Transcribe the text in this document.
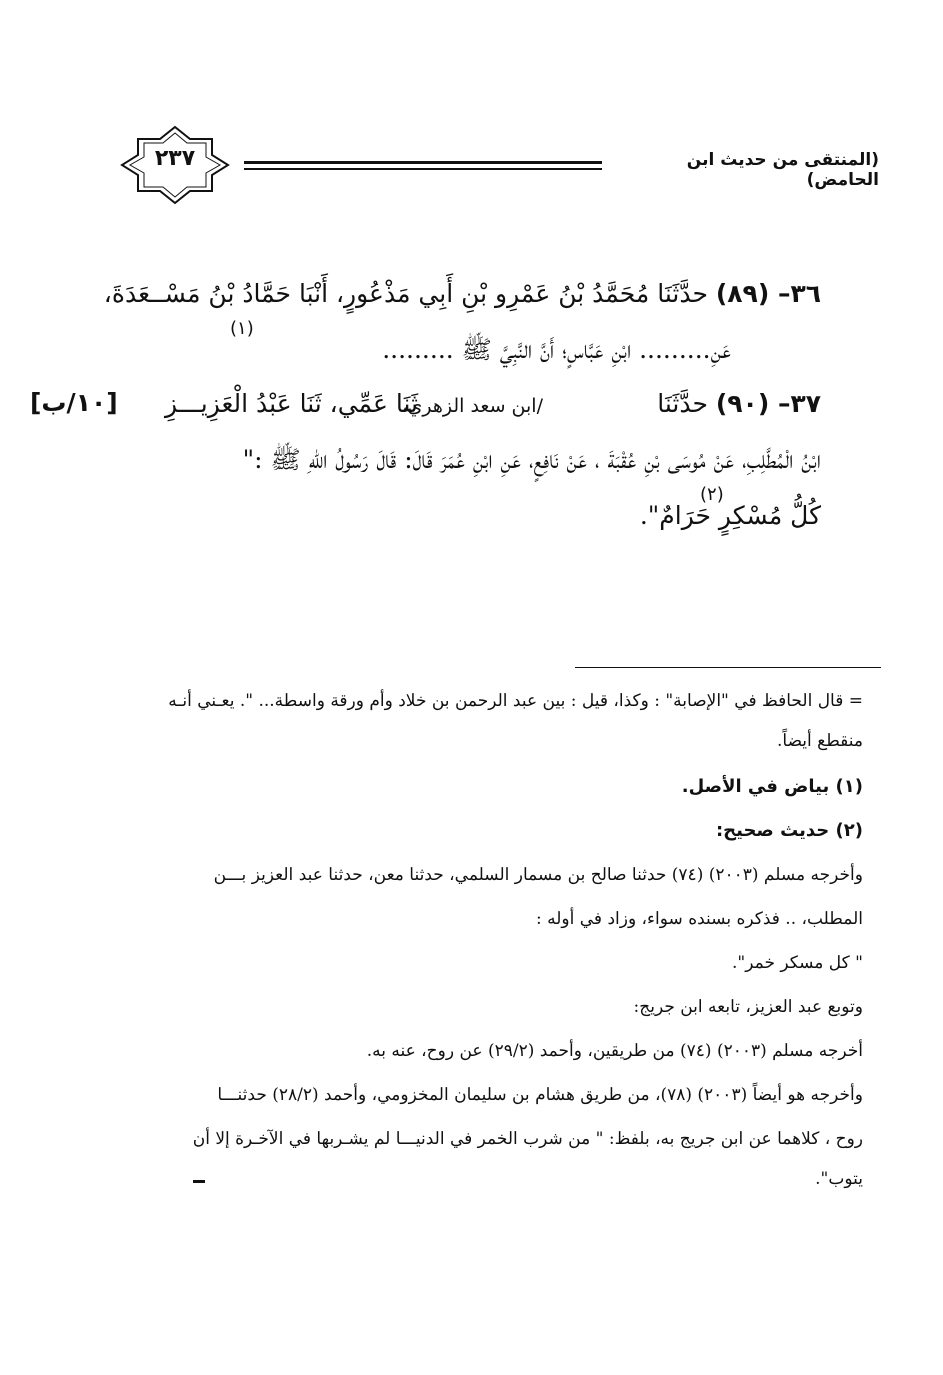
(المنتقى من حديث ابن الحامض)
٢٣٧
٣٦– (٨٩) حدَّثَنَا مُحَمَّدُ بْنُ عَمْرِو بْنِ أَبِي مَذْعُورٍ، أَنْبَا حَمَّادُ بْنُ مَسْــعَدَةَ،
(١)
عَنِ......... ابْنِ عَبَّاسٍ؛ أَنَّ النَّبِيَّ ﷺ .........
٣٧– (٩٠) حدَّثَنَا
/ابن سعد الزهري،
ثَنَا عَمِّي، ثَنَا عَبْدُ الْعَزِيـــزِ
[١٠/ب]
ابْنُ الْمُطَّلِبِ، عَنْ مُوسَى بْنِ عُقْبَةَ ، عَنْ نَافِعٍ، عَنِ ابْنِ عُمَرَ قَالَ: قَالَ رَسُولُ اللهِ ﷺ :"
(٢)
كُلُّ مُسْكِرٍ حَرَامٌ".
= قال الحافظ في "الإصابة" : وكذا، قيل : بين عبد الرحمن بن خلاد وأم ورقة واسطة... ". يعـني أنـه
منقطع أيضاً.
(١) بياض في الأصل.
(٢) حديث صحيح:
وأخرجه مسلم (٢٠٠٣) (٧٤) حدثنا صالح بن مسمار السلمي، حدثنا معن، حدثنا عبد العزيز بـــن
المطلب، .. فذكره بسنده سواء، وزاد في أوله :
" كل مسكر خمر".
وتوبع عبد العزيز، تابعه ابن جريج:
أخرجه مسلم (٢٠٠٣) (٧٤) من طريقين، وأحمد (٢٩/٢) عن روح، عنه به.
وأخرجه هو أيضاً (٢٠٠٣) (٧٨)، من طريق هشام بن سليمان المخزومي، وأحمد (٢٨/٢) حدثنـــا
روح ، كلاهما عن ابن جريج به، بلفظ: " من شرب الخمر في الدنيـــا لم يشـربها في الآخـرة إلا أن
يتوب".
